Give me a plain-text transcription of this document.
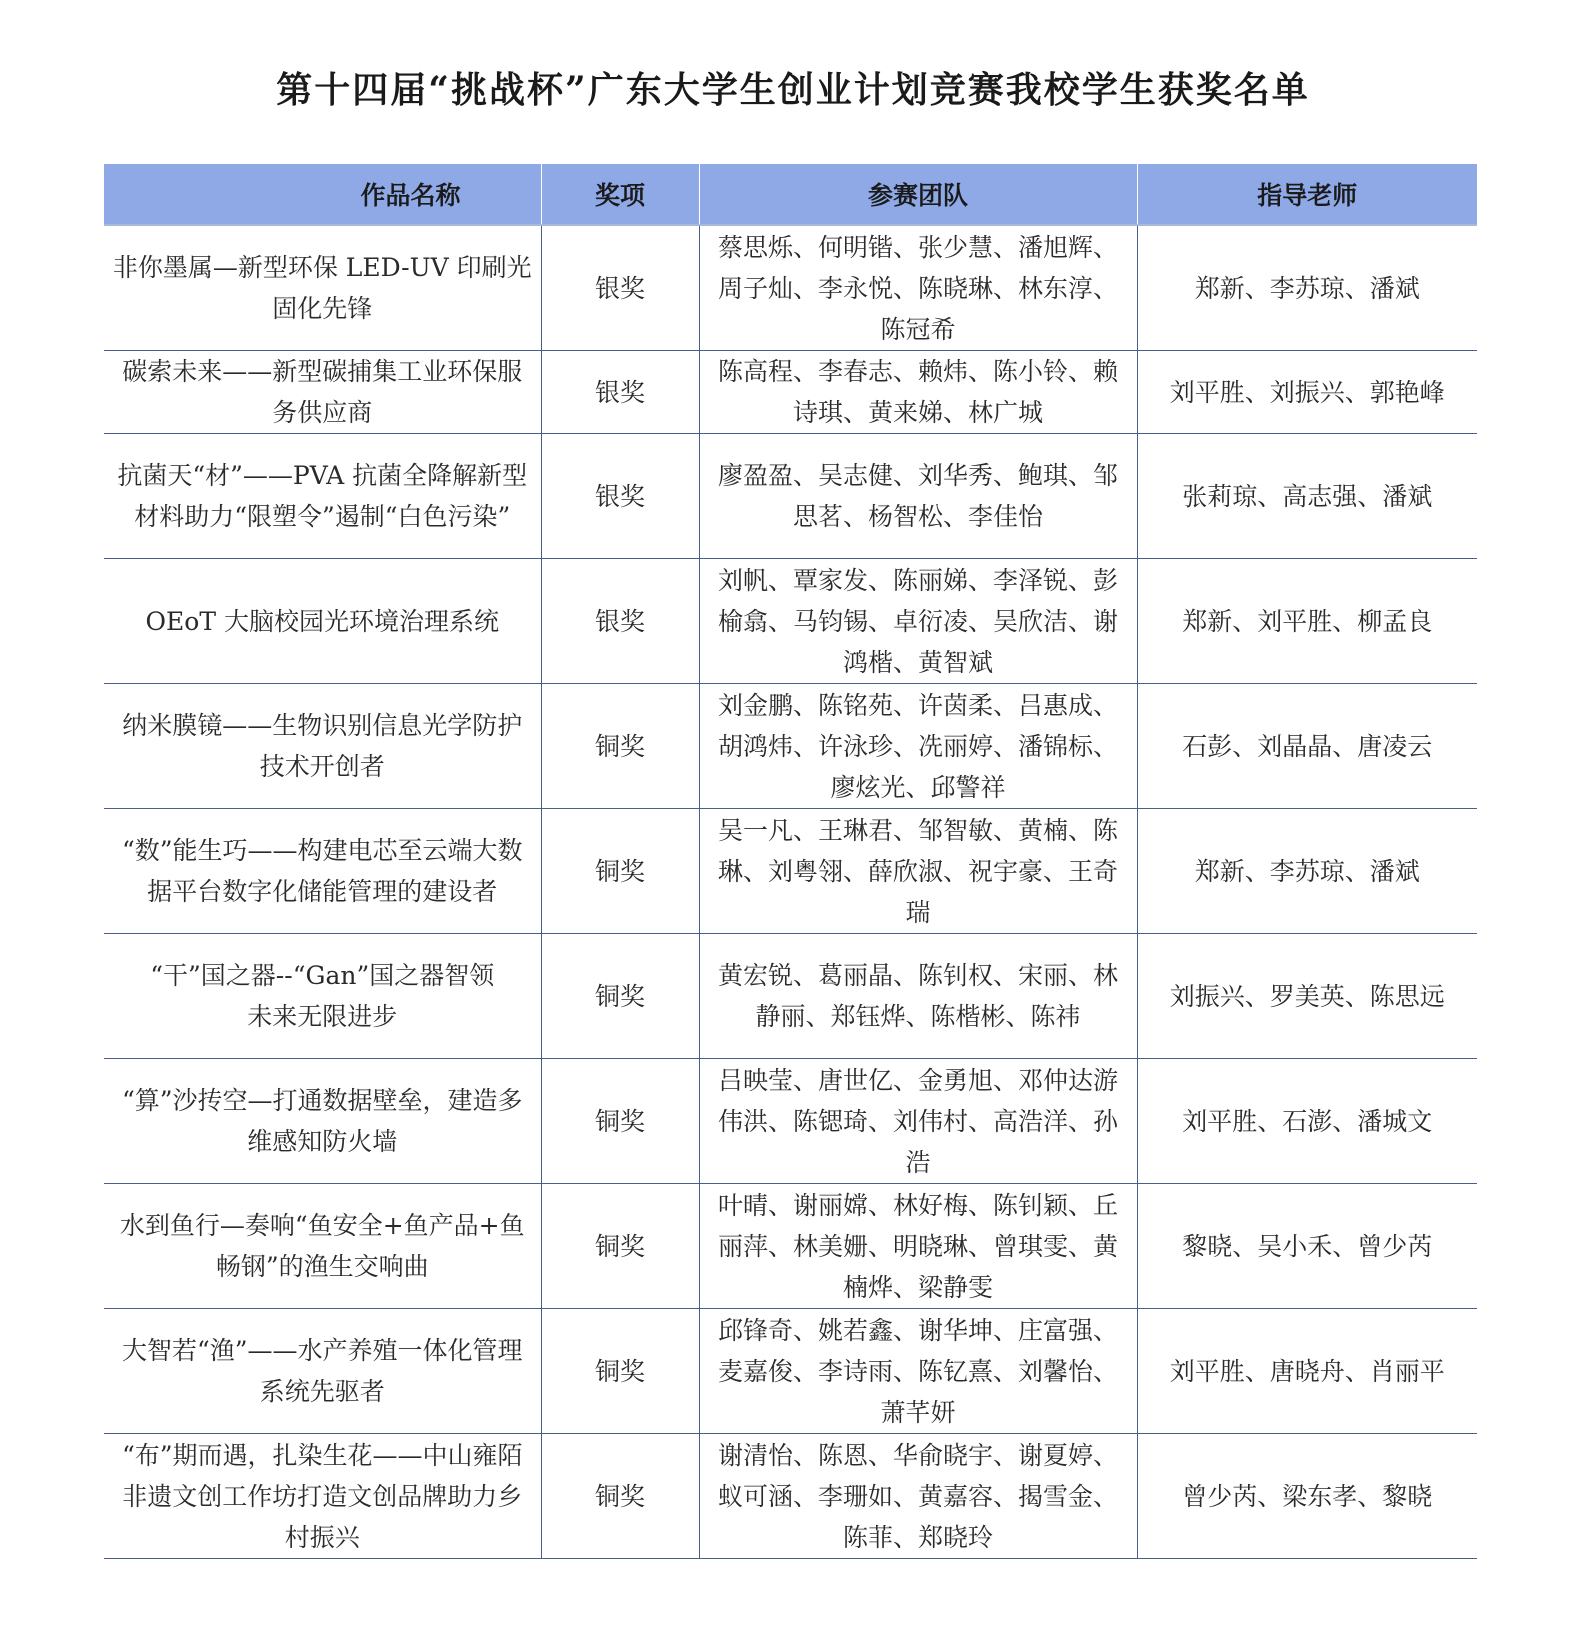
第十四届“挑战杯”广东大学生创业计划竞赛我校学生获奖名单
作品名称	奖项	参赛团队	指导老师
非你墨属—新型环保 LED-UV 印刷光固化先锋	银奖	蔡思烁、何明锴、张少慧、潘旭辉、周子灿、李永悦、陈晓琳、林东淳、陈冠希	郑新、李苏琼、潘斌
碳索未来——新型碳捕集工业环保服务供应商	银奖	陈高程、李春志、赖炜、陈小铃、赖诗琪、黄来娣、林广城	刘平胜、刘振兴、郭艳峰
抗菌天“材”——PVA 抗菌全降解新型材料助力“限塑令”遏制“白色污染”	银奖	廖盈盈、吴志健、刘华秀、鲍琪、邹思茗、杨智松、李佳怡	张莉琼、高志强、潘斌
OEoT 大脑校园光环境治理系统	银奖	刘帆、覃家发、陈丽娣、李泽锐、彭榆翕、马钧锡、卓衍凌、吴欣洁、谢鸿楷、黄智斌	郑新、刘平胜、柳孟良
纳米膜镜——生物识别信息光学防护技术开创者	铜奖	刘金鹏、陈铭苑、许茵柔、吕惠成、胡鸿炜、许泳珍、冼丽婷、潘锦标、廖炫光、邱警祥	石彭、刘晶晶、唐凌云
“数”能生巧——构建电芯至云端大数据平台数字化储能管理的建设者	铜奖	吴一凡、王琳君、邹智敏、黄楠、陈琳、刘粤翎、薛欣淑、祝宇豪、王奇瑞	郑新、李苏琼、潘斌

“干”国之器--“Gan”国之器智领
未来无限进步	铜奖	黄宏锐、葛丽晶、陈钊权、宋丽、林静丽、郑钰烨、陈楷彬、陈祎	刘振兴、罗美英、陈思远
“算”沙抟空—打通数据壁垒，建造多维感知防火墙	铜奖	吕映莹、唐世亿、金勇旭、邓仲达游伟洪、陈锶琦、刘伟村、高浩洋、孙浩	刘平胜、石澎、潘城文
水到鱼行—奏响“鱼安全+鱼产品+鱼畅钢”的渔生交响曲	铜奖	叶晴、谢丽嫦、林好梅、陈钊颖、丘丽萍、林美姗、明晓琳、曾琪雯、黄楠烨、梁静雯	黎晓、吴小禾、曾少芮
大智若“渔”——水产养殖一体化管理系统先驱者	铜奖	邱锋奇、姚若鑫、谢华坤、庄富强、麦嘉俊、李诗雨、陈钇熹、刘馨怡、萧芊妍	刘平胜、唐晓舟、肖丽平
“布”期而遇，扎染生花——中山雍陌非遗文创工作坊打造文创品牌助力乡村振兴	铜奖	谢清怡、陈恩、华俞晓宇、谢夏婷、蚁可涵、李珊如、黄嘉容、揭雪金、陈菲、郑晓玲	曾少芮、梁东孝、黎晓
